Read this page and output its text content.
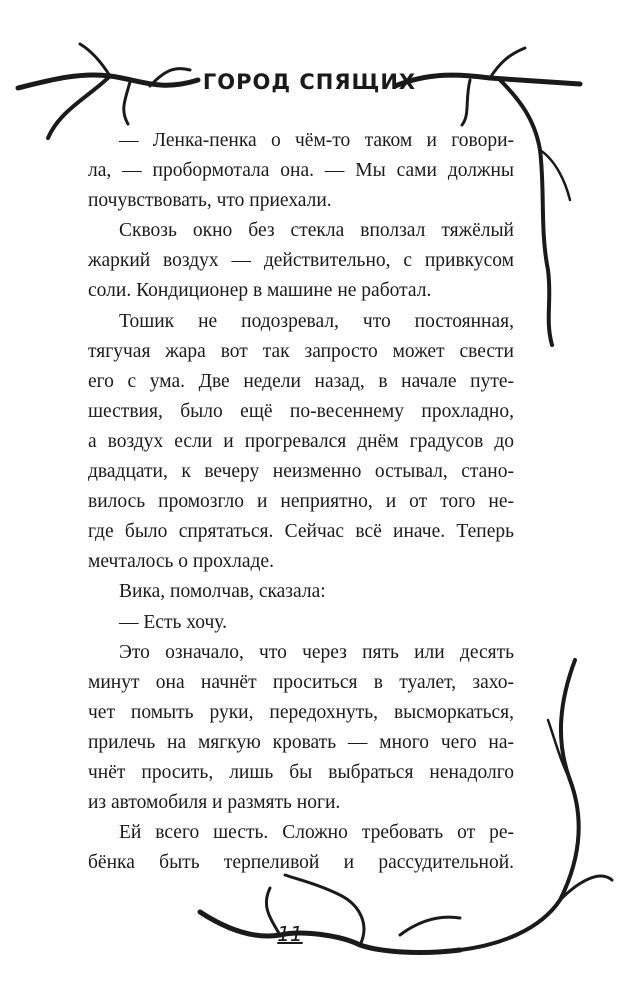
ГОРОД СПЯЩИХ
— Ленка-пенка о чём-то таком и говори-
ла, — пробормотала она. — Мы сами должны
почувствовать, что приехали.
Сквозь окно без стекла вползал тяжёлый
жаркий воздух — действительно, с привкусом
соли. Кондиционер в машине не работал.
Тошик не подозревал, что постоянная,
тягучая жара вот так запросто может свести
его с ума. Две недели назад, в начале путе-
шествия, было ещё по-весеннему прохладно,
а воздух если и прогревался днём градусов до
двадцати, к вечеру неизменно остывал, стано-
вилось промозгло и неприятно, и от того не-
где было спрятаться. Сейчас всё иначе. Теперь
мечталось о прохладе.
Вика, помолчав, сказала:
— Есть хочу.
Это означало, что через пять или десять
минут она начнёт проситься в туалет, захо-
чет помыть руки, передохнуть, высморкаться,
прилечь на мягкую кровать — много чего на-
чнёт просить, лишь бы выбраться ненадолго
из автомобиля и размять ноги.
Ей всего шесть. Сложно требовать от ре-
бёнка быть терпеливой и рассудительной.
11
